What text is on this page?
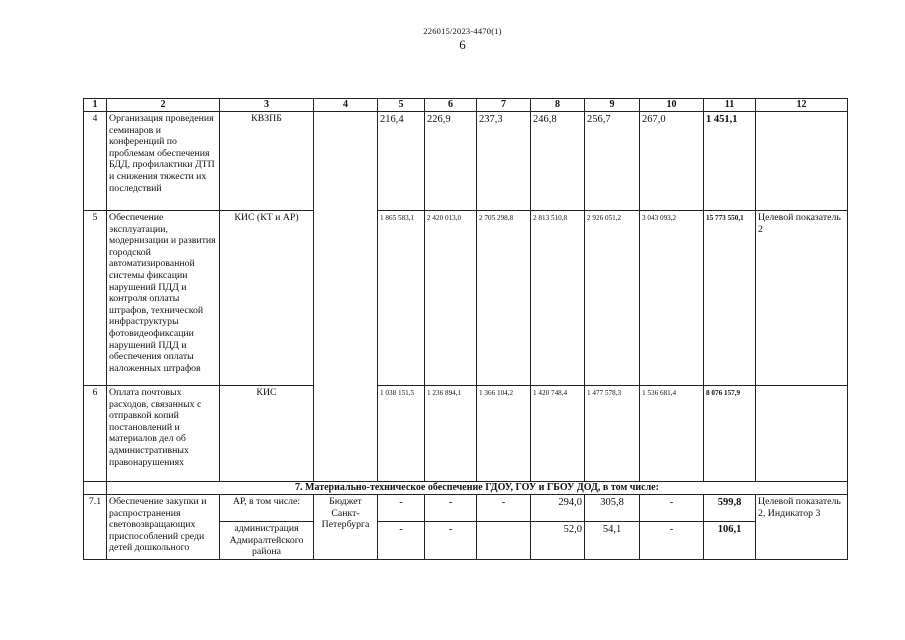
226015/2023-4470(1)
6
1	2	3	4	5	6	7	8	9	10	11	12
4	Организация проведения семинаров и конференций по проблемам обеспечения БДД, профилактики ДТП и снижения тяжести их последствий	КВЗПБ		216,4	226,9	237,3	246,8	256,7	267,0	1 451,1	
5	Обеспечение эксплуатации, модернизации и развития городской автоматизированной системы фиксации нарушений ПДД и контроля оплаты штрафов, технической инфраструктуры фотовидеофиксации нарушений ПДД и обеспечения оплаты наложенных штрафов	КИС (КТ и АР)		1 865 583,1	2 420 013,0	2 705 298,8	2 813 510,8	2 926 051,2	3 043 093,2	15 773 550,1	Целевой показатель 2
6	Оплата почтовых расходов, связанных с отправкой копий постановлений и материалов дел об административных правонарушениях	КИС		1 038 151,5	1 236 894,1	1 366 104,2	1 420 748,4	1 477 578,3	1 536 681,4	8 076 157,9	
	7. Материально-техническое обеспечение ГДОУ, ГОУ и ГБОУ ДОД, в том числе:										
7.1	Обеспечение закупки и распространения световозвращающих приспособлений среди детей дошкольного	АР, в том числе:	Бюджет Санкт-Петербурга	-	-	-	294,0	305,8	-	599,8	Целевой показатель 2, Индикатор 3
		администрация Адмиралтейского района		-	-		52,0	54,1	-	106,1	
